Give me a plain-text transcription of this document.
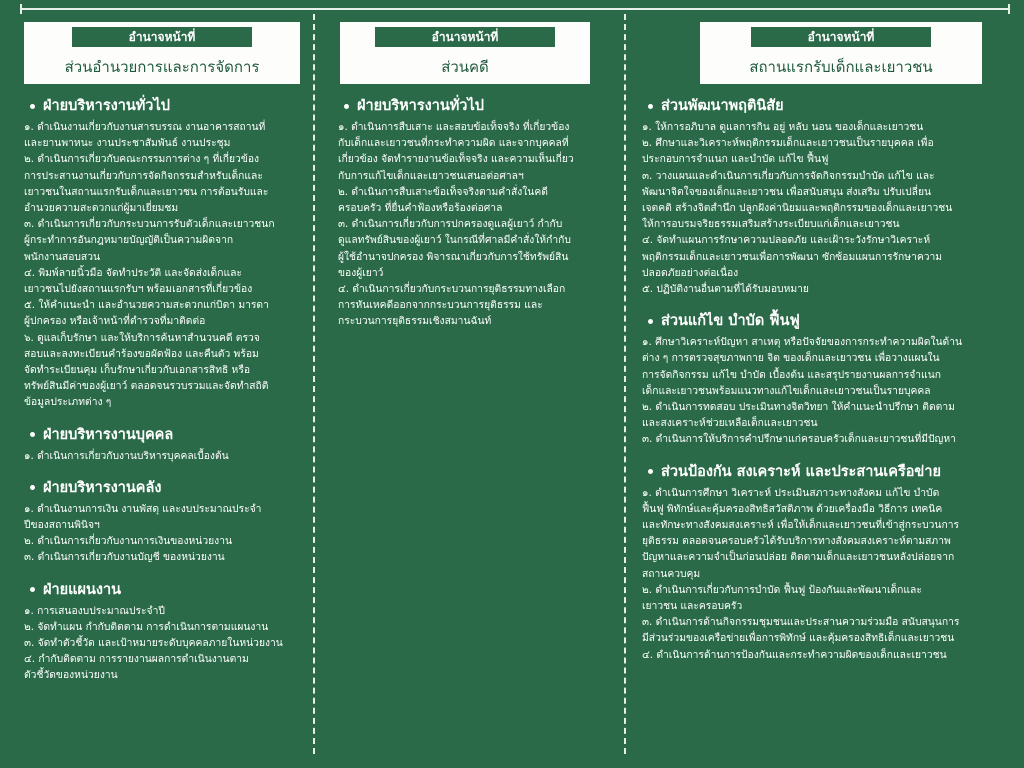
อำนาจหน้าที่
ส่วนอำนวยการและการจัดการ
ฝ่ายบริหารงานทั่วไป
๑. ดำเนินงานเกี่ยวกับงานสารบรรณ งานอาคารสถานที่
และยานพาหนะ งานประชาสัมพันธ์ งานประชุม
๒. ดำเนินการเกี่ยวกับคณะกรรมการต่าง ๆ ที่เกี่ยวข้อง
การประสานงานเกี่ยวกับการจัดกิจกรรมสำหรับเด็กและ
เยาวชนในสถานแรกรับเด็กและเยาวชน การต้อนรับและ
อำนวยความสะดวกแก่ผู้มาเยี่ยมชม
๓. ดำเนินการเกี่ยวกับกระบวนการรับตัวเด็กและเยาวชนก
ผู้กระทำการอันกฎหมายบัญญัติเป็นความผิดจาก
พนักงานสอบสวน
๔. พิมพ์ลายนิ้วมือ จัดทำประวัติ และจัดส่งเด็กและ
เยาวชนไปยังสถานแรกรับฯ พร้อมเอกสารที่เกี่ยวข้อง
๕. ให้คำแนะนำ และอำนวยความสะดวกแก่บิดา มารดา
ผู้ปกครอง หรือเจ้าหน้าที่ตำรวจที่มาติดต่อ
๖. ดูแลเก็บรักษา และให้บริการค้นหาสำนวนคดี ตรวจ
สอบและลงทะเบียนคำร้องขอผัดฟ้อง และคืนตัว พร้อม
จัดทำระเบียนคุม เก็บรักษาเกี่ยวกับเอกสารสิทธิ หรือ
ทรัพย์สินมีค่าของผู้เยาว์ ตลอดจนรวบรวมและจัดทำสถิติ
ข้อมูลประเภทต่าง ๆ
ฝ่ายบริหารงานบุคคล
๑. ดำเนินการเกี่ยวกับงานบริหารบุคคลเบื้องต้น
ฝ่ายบริหารงานคลัง
๑. ดำเนินงานการเงิน งานพัสดุ และงบประมาณประจำ
ปีของสถานพินิจฯ
๒. ดำเนินการเกี่ยวกับงานการเงินของหน่วยงาน
๓. ดำเนินการเกี่ยวกับงานบัญชี ของหน่วยงาน
ฝ่ายแผนงาน
๑. การเสนองบประมาณประจำปี
๒. จัดทำแผน กำกับติดตาม การดำเนินการตามแผนงาน
๓. จัดทำตัวชี้วัด และเป้าหมายระดับบุคคลภายในหน่วยงาน
๔. กำกับติดตาม การรายงานผลการดำเนินงานตาม
ตัวชี้วัดของหน่วยงาน
อำนาจหน้าที่
ส่วนคดี
ฝ่ายบริหารงานทั่วไป
๑. ดำเนินการสืบเสาะ และสอบข้อเท็จจริง ที่เกี่ยวข้อง
กับเด็กและเยาวชนที่กระทำความผิด และจากบุคคลที่
เกี่ยวข้อง จัดทำรายงานข้อเท็จจริง และความเห็นเกี่ยว
กับการแก้ไขเด็กและเยาวชนเสนอต่อศาลฯ
๒. ดำเนินการสืบเสาะข้อเท็จจริงตามคำสั่งในคดี
ครอบครัว ที่ยื่นคำฟ้องหรือร้องต่อศาล
๓. ดำเนินการเกี่ยวกับการปกครองดูแลผู้เยาว์ กำกับ
ดูแลทรัพย์สินของผู้เยาว์ ในกรณีที่ศาลมีคำสั่งให้กำกับ
ผู้ใช้อำนาจปกครอง พิจารณาเกี่ยวกับการใช้ทรัพย์สิน
ของผู้เยาว์
๔. ดำเนินการเกี่ยวกับกระบวนการยุติธรรมทางเลือก
การหันเหคดีออกจากกระบวนการยุติธรรม และ
กระบวนการยุติธรรมเชิงสมานฉันท์
อำนาจหน้าที่
สถานแรกรับเด็กและเยาวชน
ส่วนพัฒนาพฤตินิสัย
๑. ให้การอภิบาล ดูแลการกิน อยู่ หลับ นอน ของเด็กและเยาวชน
๒. ศึกษาและวิเคราะห์พฤติกรรมเด็กและเยาวชนเป็นรายบุคคล เพื่อ
ประกอบการจำแนก และบำบัด แก้ไข ฟื้นฟู
๓. วางแผนและดำเนินการเกี่ยวกับการจัดกิจกรรมบำบัด แก้ไข และ
พัฒนาจิตใจของเด็กและเยาวชน เพื่อสนับสนุน ส่งเสริม ปรับเปลี่ยน
เจตคติ สร้างจิตสำนึก ปลูกฝังค่านิยมและพฤติกรรมของเด็กและเยาวชน
ให้การอบรมจริยธรรมเสริมสร้างระเบียบแก่เด็กและเยาวชน
๔. จัดทำแผนการรักษาความปลอดภัย และเฝ้าระวังรักษาวิเคราะห์
พฤติกรรมเด็กและเยาวชนเพื่อการพัฒนา ซักซ้อมแผนการรักษาความ
ปลอดภัยอย่างต่อเนื่อง
๕. ปฏิบัติงานอื่นตามที่ได้รับมอบหมาย
ส่วนแก้ไข บำบัด ฟื้นฟู
๑. ศึกษาวิเคราะห์ปัญหา สาเหตุ หรือปัจจัยของการกระทำความผิดในด้าน
ต่าง ๆ การตรวจสุขภาพกาย จิต ของเด็กและเยาวชน เพื่อวางแผนใน
การจัดกิจกรรม แก้ไข บำบัด เบื้องต้น และสรุปรายงานผลการจำแนก
เด็กและเยาวชนพร้อมแนวทางแก้ไขเด็กและเยาวชนเป็นรายบุคคล
๒. ดำเนินการทดสอบ ประเมินทางจิตวิทยา ให้คำแนะนำปรึกษา ติดตาม
และสงเคราะห์ช่วยเหลือเด็กและเยาวชน
๓. ดำเนินการให้บริการคำปรึกษาแก่ครอบครัวเด็กและเยาวชนที่มีปัญหา
ส่วนป้องกัน สงเคราะห์ และประสานเครือข่าย
๑. ดำเนินการศึกษา วิเคราะห์ ประเมินสภาวะทางสังคม แก้ไข บำบัด
ฟื้นฟู พิทักษ์และคุ้มครองสิทธิสวัสดิภาพ ด้วยเครื่องมือ วิธีการ เทคนิค
และทักษะทางสังคมสงเคราะห์ เพื่อให้เด็กและเยาวชนที่เข้าสู่กระบวนการ
ยุติธรรม ตลอดจนครอบครัวได้รับบริการทางสังคมสงเคราะห์ตามสภาพ
ปัญหาและความจำเป็นก่อนปล่อย ติดตามเด็กและเยาวชนหลังปล่อยจาก
สถานควบคุม
๒. ดำเนินการเกี่ยวกับการบำบัด ฟื้นฟู ป้องกันและพัฒนาเด็กและ
เยาวชน และครอบครัว
๓. ดำเนินการด้านกิจกรรมชุมชนและประสานความร่วมมือ สนับสนุนการ
มีส่วนร่วมของเครือข่ายเพื่อการพิทักษ์ และคุ้มครองสิทธิเด็กและเยาวชน
๔. ดำเนินการด้านการป้องกันและกระทำความผิดของเด็กและเยาวชน
